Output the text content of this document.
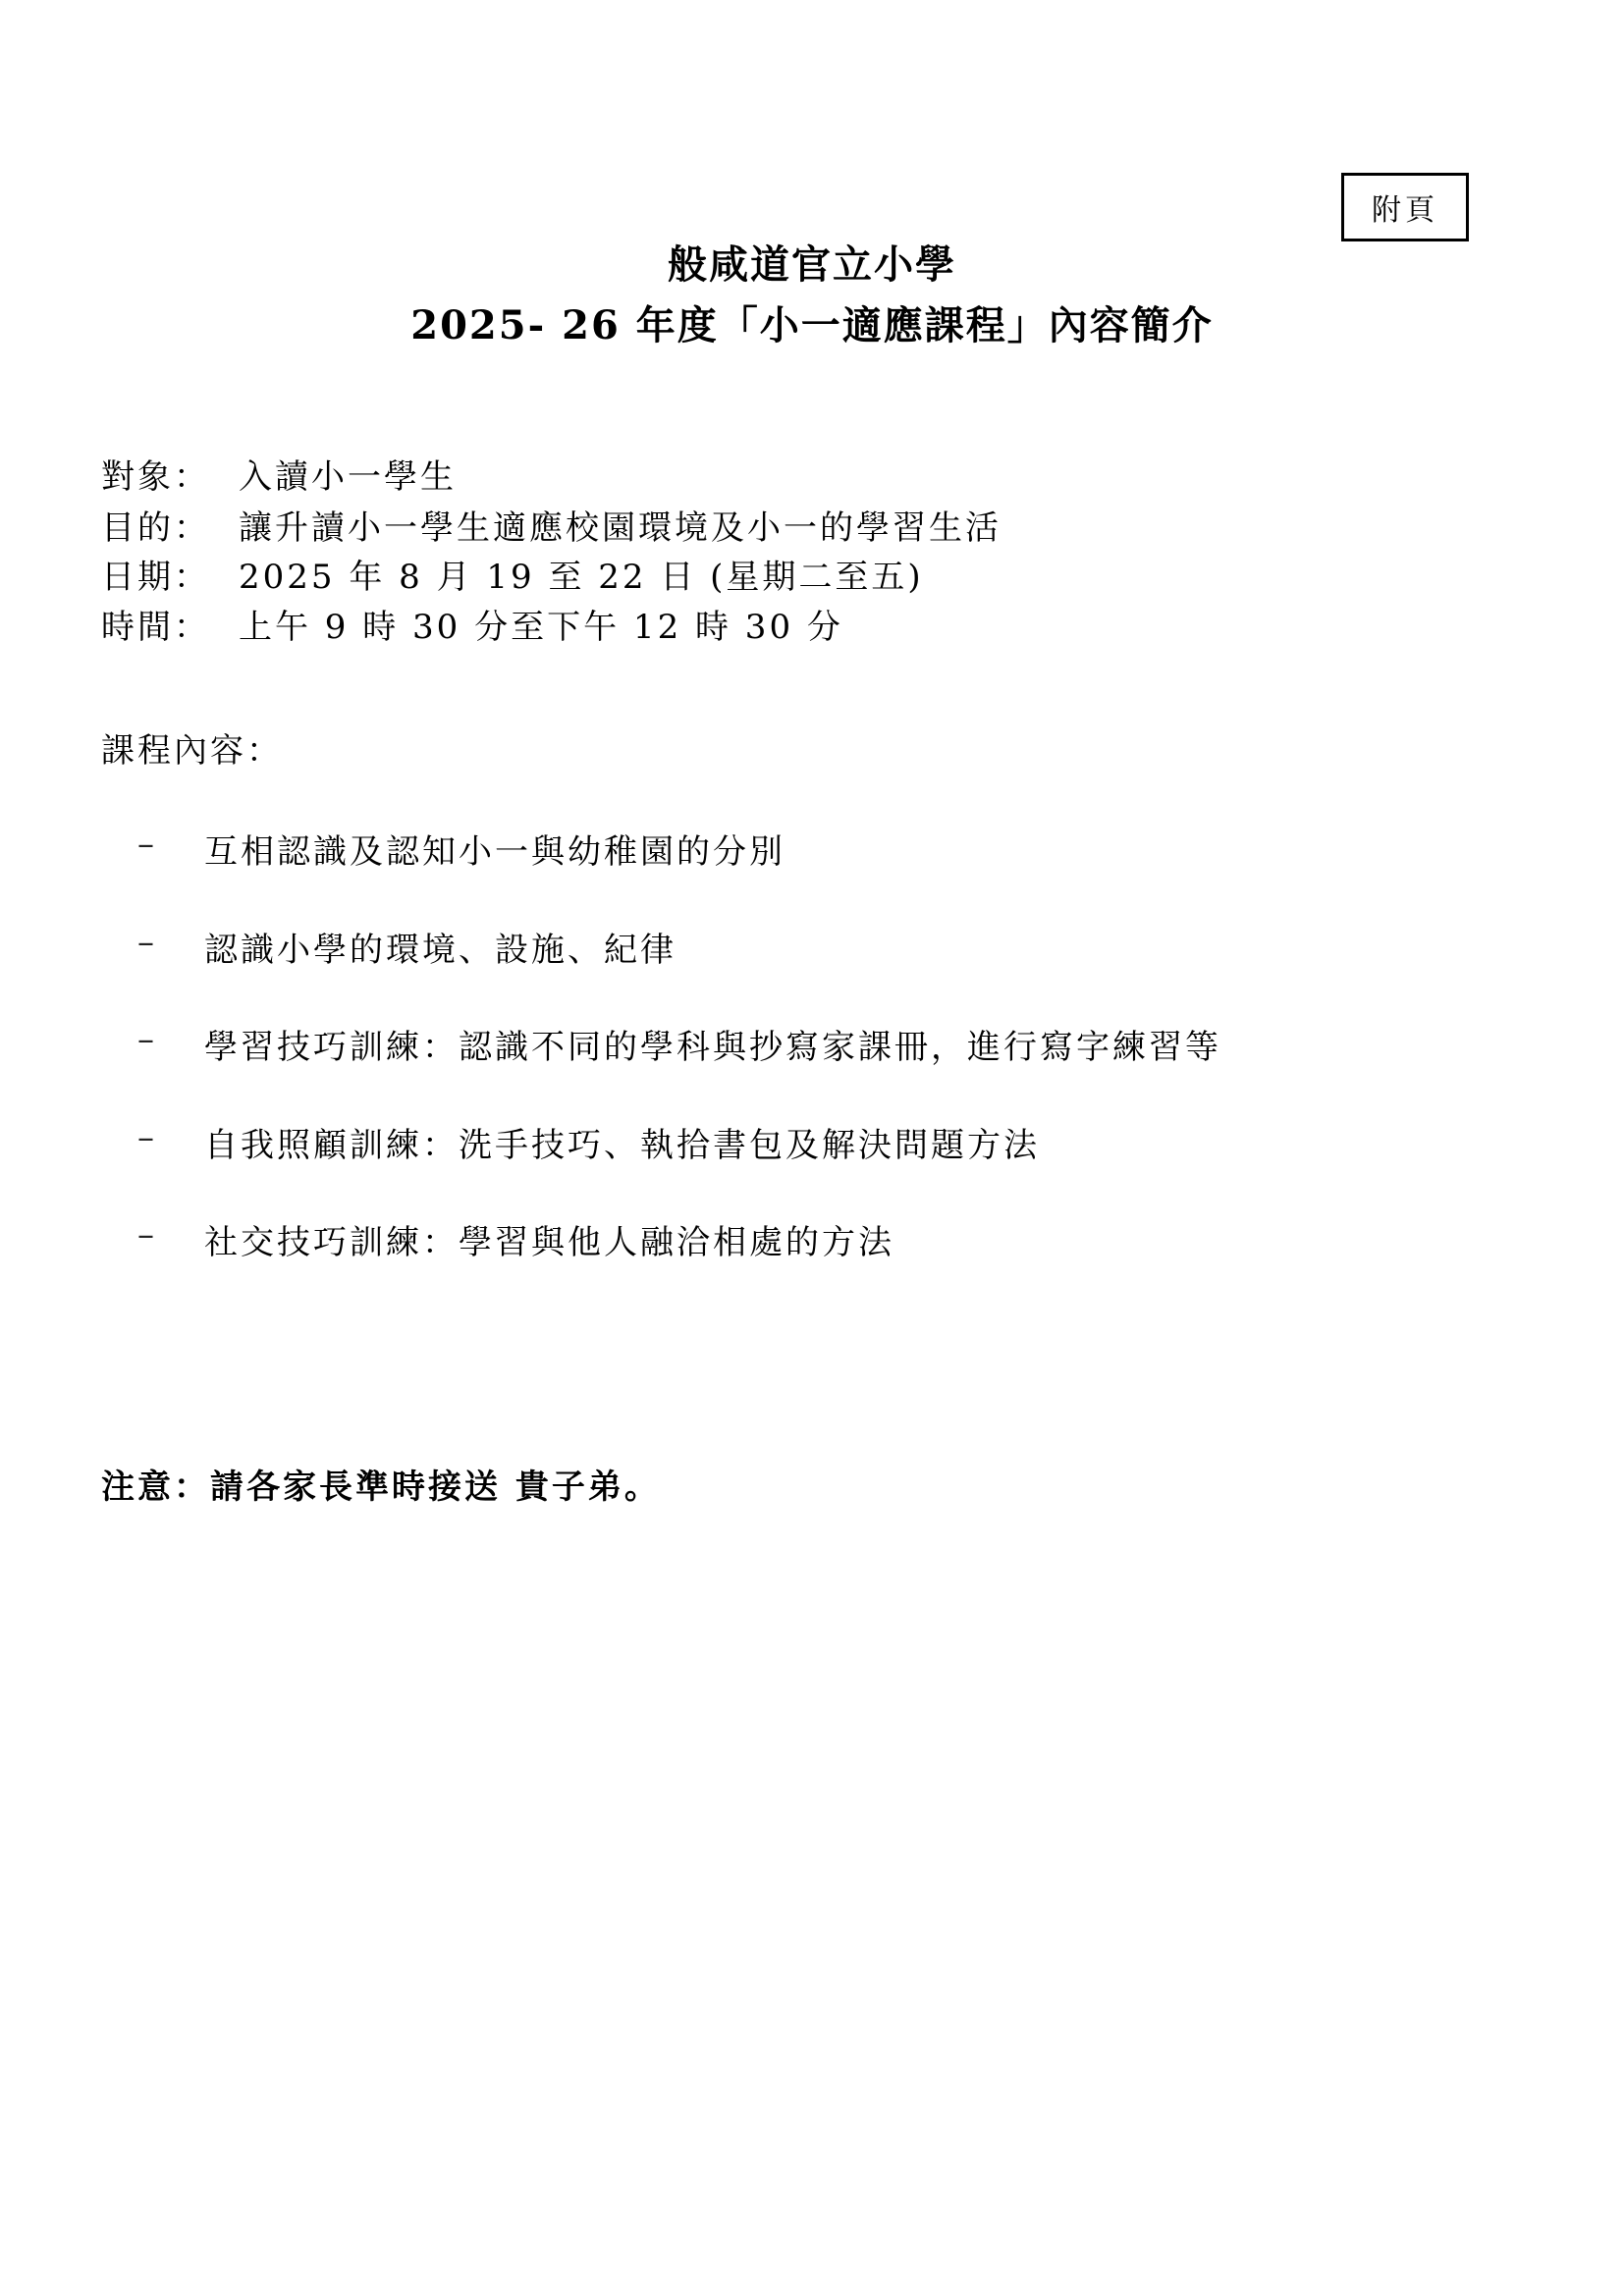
附頁
般咸道官立小學
2025- 26 年度「小一適應課程」內容簡介
對象： 入讀小一學生
目的： 讓升讀小一學生適應校園環境及小一的學習生活
日期： 2025 年 8 月 19 至 22 日 (星期二至五)
時間： 上午 9 時 30 分至下午 12 時 30 分
課程內容：
–	互相認識及認知小一與幼稚園的分別
–	認識小學的環境、設施、紀律
–	學習技巧訓練：認識不同的學科與抄寫家課冊，進行寫字練習等
–	自我照顧訓練：洗手技巧、執拾書包及解決問題方法
–	社交技巧訓練：學習與他人融洽相處的方法
注意：請各家長準時接送 貴子弟。
